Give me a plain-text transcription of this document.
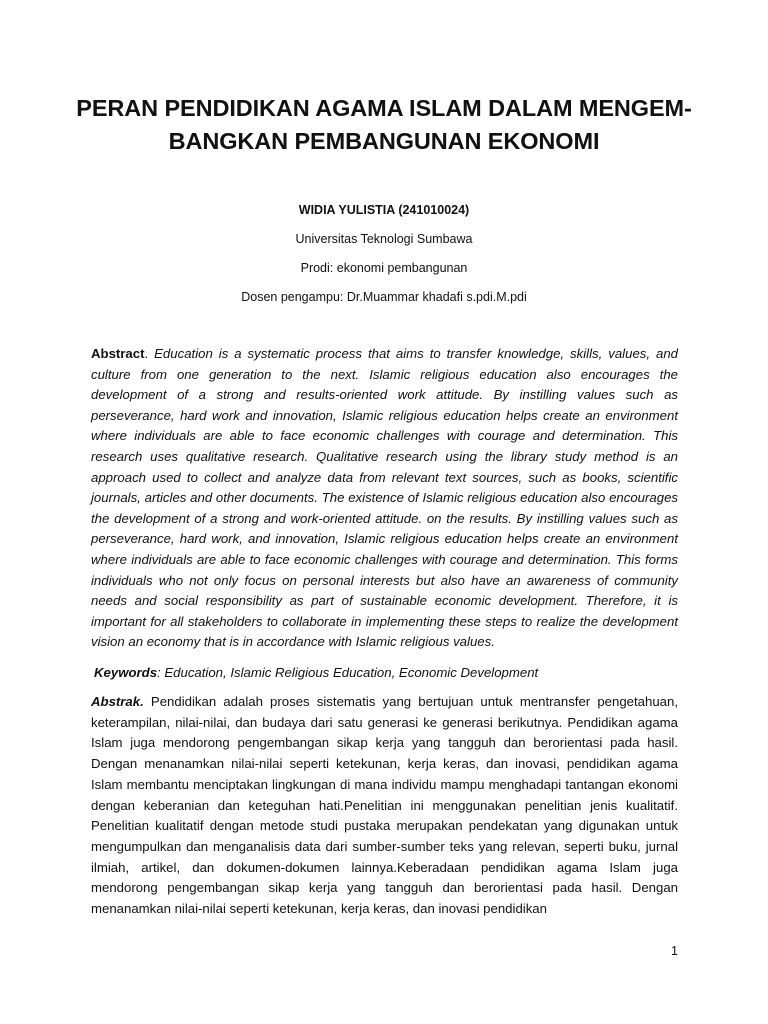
PERAN PENDIDIKAN AGAMA ISLAM DALAM MENGEM-
BANGKAN PEMBANGUNAN EKONOMI
WIDIA YULISTIA (241010024)
Universitas Teknologi Sumbawa
Prodi: ekonomi pembangunan
Dosen pengampu: Dr.Muammar khadafi s.pdi.M.pdi

Abstract. Education is a systematic process that aims to transfer knowledge, skills, values, and culture from one generation to the next. Islamic religious education also encourages the development of a strong and results-oriented work attitude. By instilling values such as perseverance, hard work and innovation, Islamic religious education helps create an environment where individuals are able to face economic challenges with courage and determination. This research uses qualitative research. Qualitative research using the library study method is an approach used to collect and analyze data from relevant text sources, such as books, scientific journals, articles and other documents. The existence of Islamic religious education also encourages the development of a strong and work-oriented attitude. on the results. By instilling values such as perseverance, hard work, and innovation, Islamic religious education helps create an environment where individuals are able to face economic challenges with courage and determination. This forms individuals who not only focus on personal interests but also have an awareness of community needs and social responsibility as part of sustainable economic development. Therefore, it is important for all stakeholders to collaborate in implementing these steps to realize the development vision an economy that is in accordance with Islamic religious values.

Keywords: Education, Islamic Religious Education, Economic Development

Abstrak. Pendidikan adalah proses sistematis yang bertujuan untuk mentransfer pengetahuan, keterampilan, nilai-nilai, dan budaya dari satu generasi ke generasi berikutnya. Pendidikan agama Islam juga mendorong pengembangan sikap kerja yang tangguh dan berorientasi pada hasil. Dengan menanamkan nilai-nilai seperti ketekunan, kerja keras, dan inovasi, pendidikan agama Islam membantu menciptakan lingkungan di mana individu mampu menghadapi tantangan ekonomi dengan keberanian dan keteguhan hati.Penelitian ini menggunakan penelitian jenis kualitatif. Penelitian kualitatif dengan metode studi pustaka merupakan pendekatan yang digunakan untuk mengumpulkan dan menganalisis data dari sumber-sumber teks yang relevan, seperti buku, jurnal ilmiah, artikel, dan dokumen-dokumen lainnya.Keberadaan pendidikan agama Islam juga mendorong pengembangan sikap kerja yang tangguh dan berorientasi pada hasil. Dengan menanamkan nilai-nilai seperti ketekunan, kerja keras, dan inovasi pendidikan

1
